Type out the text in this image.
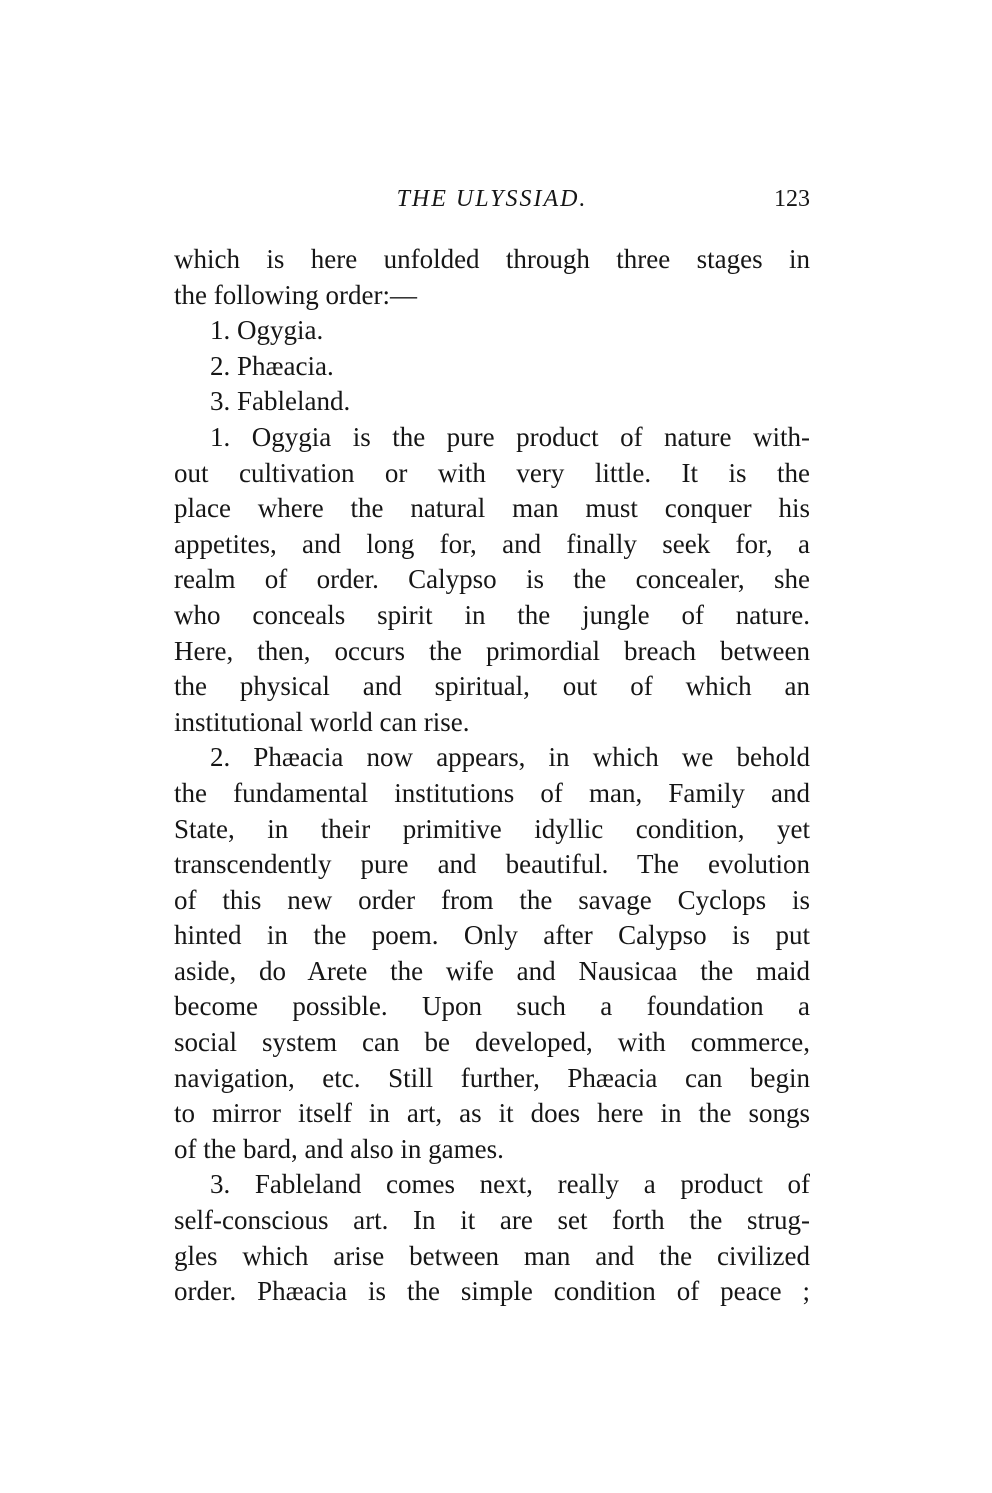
THE ULYSSIAD.	123
which is here unfolded through three stages in
the following order:—
1. Ogygia.
2. Phæacia.
3. Fableland.
1. Ogygia is the pure product of nature with-
out cultivation or with very little. It is the
place where the natural man must conquer his
appetites, and long for, and finally seek for, a
realm of order. Calypso is the concealer, she
who conceals spirit in the jungle of nature.
Here, then, occurs the primordial breach between
the physical and spiritual, out of which an
institutional world can rise.
2. Phæacia now appears, in which we behold
the fundamental institutions of man, Family and
State, in their primitive idyllic condition, yet
transcendently pure and beautiful. The evolution
of this new order from the savage Cyclops is
hinted in the poem. Only after Calypso is put
aside, do Arete the wife and Nausicaa the maid
become possible. Upon such a foundation a
social system can be developed, with commerce,
navigation, etc. Still further, Phæacia can begin
to mirror itself in art, as it does here in the songs
of the bard, and also in games.
3. Fableland comes next, really a product of
self-conscious art. In it are set forth the strug-
gles which arise between man and the civilized
order. Phæacia is the simple condition of peace ;
